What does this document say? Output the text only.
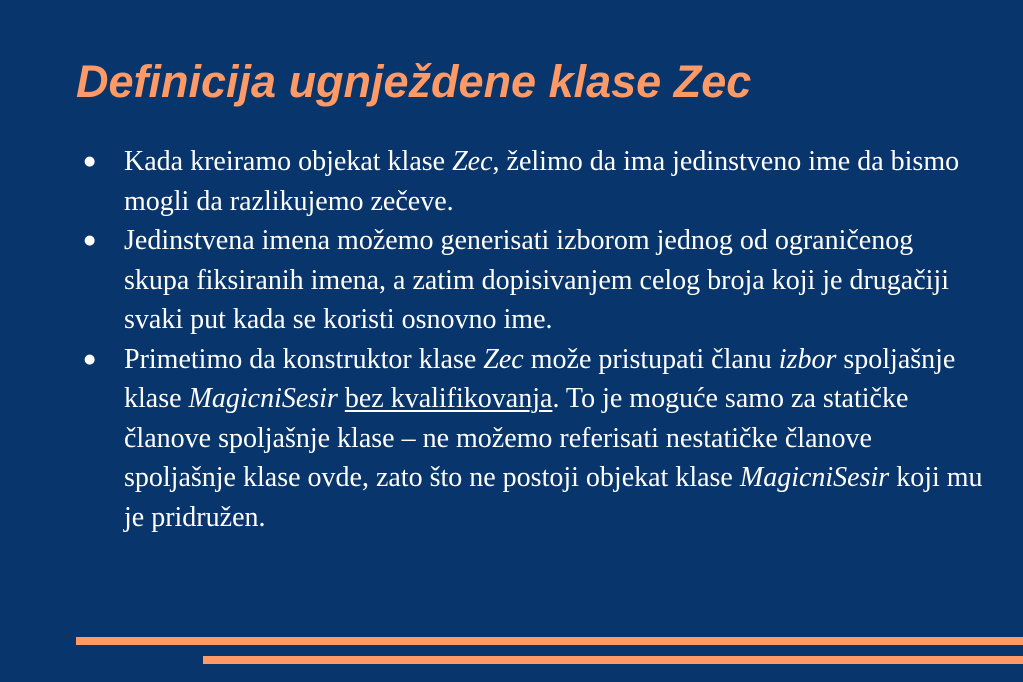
Definicija ugnježdene klase Zec
●	Kada kreiramo objekat klase Zec, želimo da ima jedinstveno ime da bismo mogli da razlikujemo zečeve.
●	Jedinstvena imena možemo generisati izborom jednog od ograničenog skupa fiksiranih imena, a zatim dopisivanjem celog broja koji je drugačiji svaki put kada se koristi osnovno ime.
●	Primetimo da konstruktor klase Zec može pristupati članu izbor spoljašnje klase MagicniSesir bez kvalifikovanja. To je moguće samo za statičke članove spoljašnje klase – ne možemo referisati nestatičke članove spoljašnje klase ovde, zato što ne postoji objekat klase MagicniSesir koji mu je pridružen.
